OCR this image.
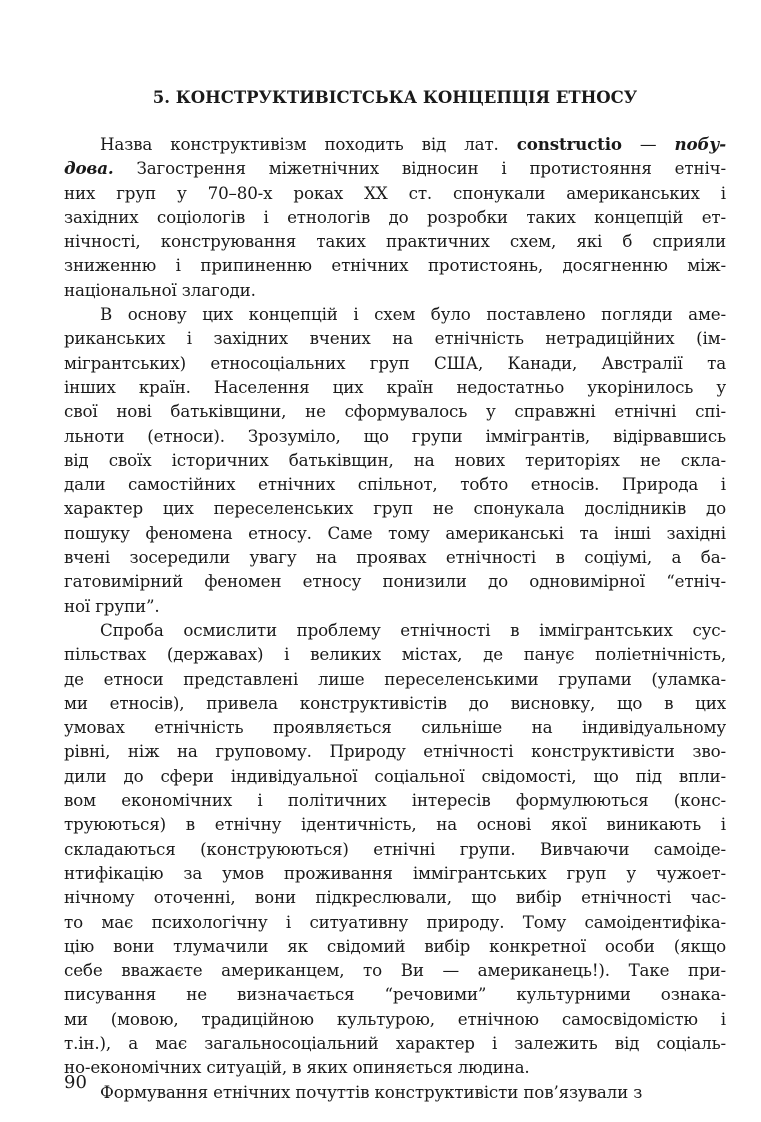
5. КОНСТРУКТИВІСТСЬКА КОНЦЕПЦІЯ ЕТНОСУ

Назва конструктивізм походить від лат. constructio — побу-
дова. Загострення міжетнічних відносин і протистояння етніч-
них груп у 70–80-х роках XX ст. спонукали американських і
західних соціологів і етнологів до розробки таких концепцій ет-
нічності, конструювання таких практичних схем, які б сприяли
зниженню і припиненню етнічних протистоянь, досягненню між-
національної злагоди.

В основу цих концепцій і схем було поставлено погляди аме-
риканських і західних вчених на етнічність нетрадиційних (ім-
мігрантських) етносоціальних груп США, Канади, Австралії та
інших країн. Населення цих країн недостатньо укорінилось у
свої нові батьківщини, не сформувалось у справжні етнічні спі-
льноти (етноси). Зрозуміло, що групи іммігрантів, відірвавшись
від своїх історичних батьківщин, на нових територіях не скла-
дали самостійних етнічних спільнот, тобто етносів. Природа і
характер цих переселенських груп не спонукала дослідників до
пошуку феномена етносу. Саме тому американські та інші західні
вчені зосередили увагу на проявах етнічності в соціумі, а ба-
гатовимірний феномен етносу понизили до одновимірної “етніч-
ної групи”.

Спроба осмислити проблему етнічності в іммігрантських сус-
пільствах (державах) і великих містах, де панує поліетнічність,
де етноси представлені лише переселенськими групами (уламка-
ми етносів), привела конструктивістів до висновку, що в цих
умовах етнічність проявляється сильніше на індивідуальному
рівні, ніж на груповому. Природу етнічності конструктивісти зво-
дили до сфери індивідуальної соціальної свідомості, що під впли-
вом економічних і політичних інтересів формулюються (конс-
труюються) в етнічну ідентичність, на основі якої виникають і
складаються (конструюються) етнічні групи. Вивчаючи самоіде-
нтифікацію за умов проживання іммігрантських груп у чужоет-
нічному оточенні, вони підкреслювали, що вибір етнічності час-
то має психологічну і ситуативну природу. Тому самоідентифіка-
цію вони тлумачили як свідомий вибір конкретної особи (якщо
себе вважаєте американцем, то Ви — американець!). Таке при-
писування не визначається “речовими” культурними ознака-
ми (мовою, традиційною культурою, етнічною самосвідомістю і
т.ін.), а має загальносоціальний характер і залежить від соціаль-
но-економічних ситуацій, в яких опиняється людина.

Формування етнічних почуттів конструктивісти пов’язували з

90
